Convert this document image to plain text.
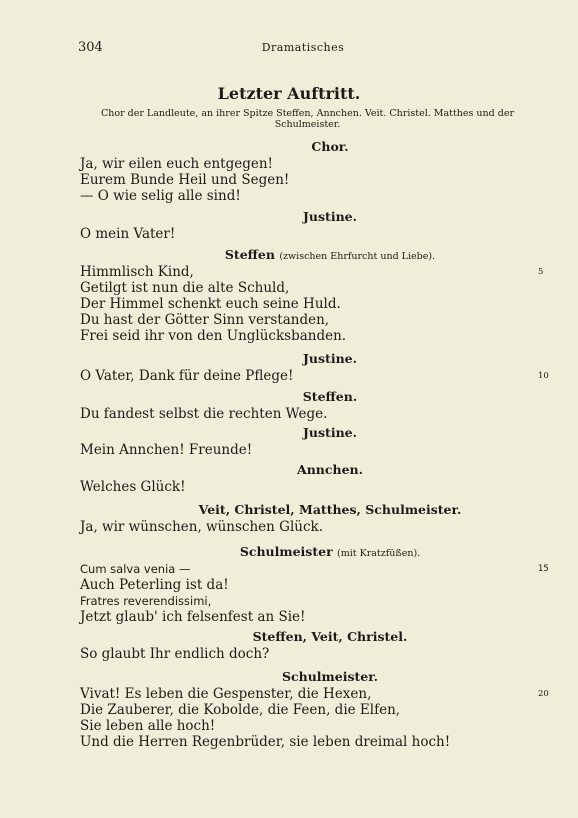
304	Dramatisches
Letzter Auftritt.
Chor der Landleute, an ihrer Spitze Steffen, Annchen. Veit. Christel. Matthes und der Schulmeister.
Chor.
Ja, wir eilen euch entgegen!
Eurem Bunde Heil und Segen!
— O wie selig alle sind!
Justine.
O mein Vater!
Steffen (zwischen Ehrfurcht und Liebe).
Himmlisch Kind,	5
Getilgt ist nun die alte Schuld,
Der Himmel schenkt euch seine Huld.
Du hast der Götter Sinn verstanden,
Frei seid ihr von den Unglücksbanden.
Justine.
O Vater, Dank für deine Pflege!	10
Steffen.
Du fandest selbst die rechten Wege.
Justine.
Mein Annchen! Freunde!
Annchen.
Welches Glück!
Veit, Christel, Matthes, Schulmeister.
Ja, wir wünschen, wünschen Glück.
Schulmeister (mit Kratzfüßen).
Cum salva venia —	15
Auch Peterling ist da!
Fratres reverendissimi,
Jetzt glaub' ich felsenfest an Sie!
Steffen, Veit, Christel.
So glaubt Ihr endlich doch?
Schulmeister.
Vivat! Es leben die Gespenster, die Hexen,	20
Die Zauberer, die Kobolde, die Feen, die Elfen,
Sie leben alle hoch!
Und die Herren Regenbrüder, sie leben dreimal hoch!
